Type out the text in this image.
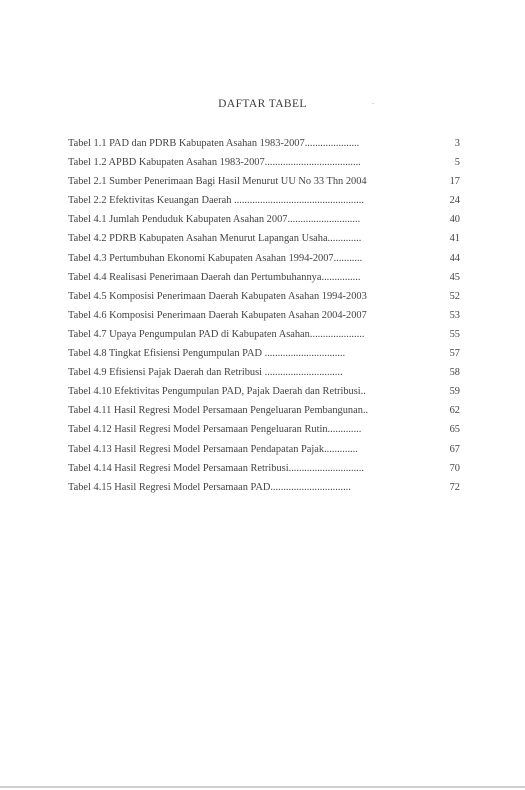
DAFTAR TABEL
Tabel 1.1 PAD dan PDRB Kabupaten Asahan 1983-2007.....................	3
Tabel 1.2 APBD Kabupaten Asahan 1983-2007.....................................	5
Tabel 2.1 Sumber Penerimaan Bagi Hasil Menurut UU No 33 Thn 2004	17
Tabel 2.2 Efektivitas Keuangan Daerah ..................................................	24
Tabel 4.1 Jumlah Penduduk Kabupaten Asahan 2007............................	40
Tabel 4.2 PDRB Kabupaten Asahan Menurut Lapangan Usaha.............	41
Tabel 4.3 Pertumbuhan Ekonomi Kabupaten Asahan 1994-2007...........	44
Tabel 4.4 Realisasi Penerimaan Daerah dan Pertumbuhannya...............	45
Tabel 4.5 Komposisi Penerimaan Daerah Kabupaten Asahan 1994-2003	52
Tabel 4.6 Komposisi Penerimaan Daerah Kabupaten Asahan 2004-2007	53
Tabel 4.7 Upaya Pengumpulan PAD di Kabupaten Asahan.....................	55
Tabel 4.8 Tingkat Efisiensi Pengumpulan PAD ...............................	57
Tabel 4.9 Efisiensi Pajak Daerah dan Retribusi ..............................	58
Tabel 4.10 Efektivitas Pengumpulan PAD, Pajak Daerah dan Retribusi..	59
Tabel 4.11 Hasil Regresi Model Persamaan Pengeluaran Pembangunan..	62
Tabel 4.12 Hasil Regresi Model Persamaan Pengeluaran Rutin.............	65
Tabel 4.13 Hasil Regresi Model Persamaan Pendapatan Pajak.............	67
Tabel 4.14 Hasil Regresi Model Persamaan Retribusi.............................	70
Tabel 4.15 Hasil Regresi Model Persamaan PAD...............................	72
